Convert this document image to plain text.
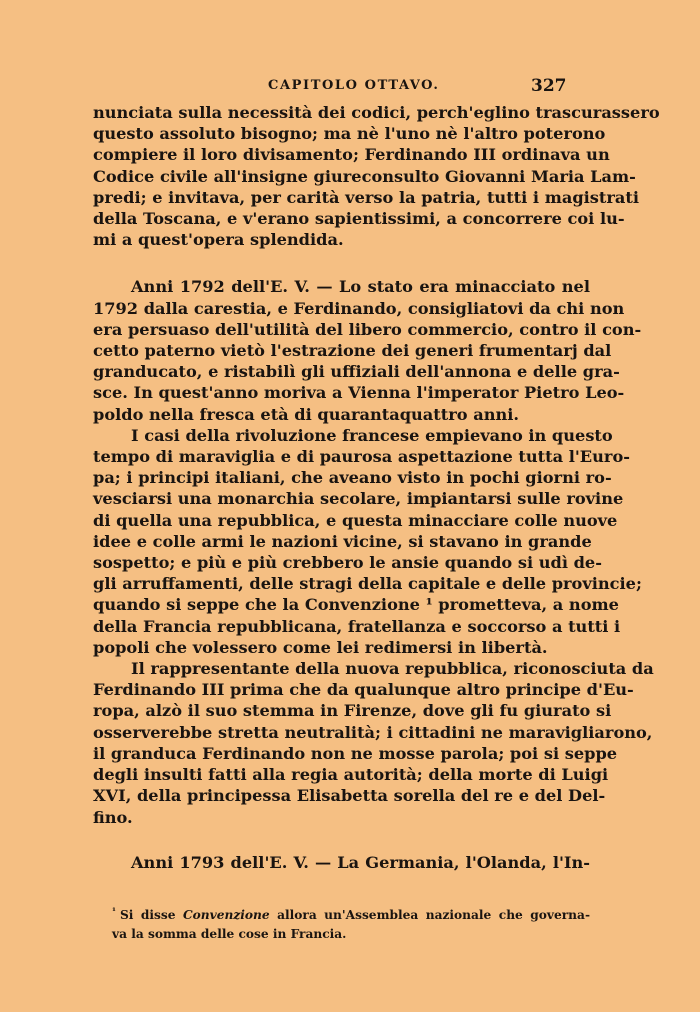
CAPITOLO OTTAVO.	327

nunciata sulla necessità dei codici, perch'eglino trascurassero
questo assoluto bisogno; ma nè l'uno nè l'altro poterono
compiere il loro divisamento; Ferdinando III ordinava un
Codice civile all'insigne giureconsulto Giovanni Maria Lam-
predi; e invitava, per carità verso la patria, tutti i magistrati
della Toscana, e v'erano sapientissimi, a concorrere coi lu-
mi a quest'opera splendida.

Anni 1792 dell'E. V. — Lo stato era minacciato nel
1792 dalla carestia, e Ferdinando, consigliatovi da chi non
era persuaso dell'utilità del libero commercio, contro il con-
cetto paterno vietò l'estrazione dei generi frumentarj dal
granducato, e ristabilì gli uffiziali dell'annona e delle gra-
sce. In quest'anno moriva a Vienna l'imperator Pietro Leo-
poldo nella fresca età di quarantaquattro anni.

I casi della rivoluzione francese empievano in questo
tempo di maraviglia e di paurosa aspettazione tutta l'Euro-
pa; i principi italiani, che aveano visto in pochi giorni ro-
vesciarsi una monarchia secolare, impiantarsi sulle rovine
di quella una repubblica, e questa minacciare colle nuove
idee e colle armi le nazioni vicine, si stavano in grande
sospetto; e più e più crebbero le ansie quando si udì de-
gli arruffamenti, delle stragi della capitale e delle provincie;
quando si seppe che la Convenzione ¹ prometteva, a nome
della Francia repubblicana, fratellanza e soccorso a tutti i
popoli che volessero come lei redimersi in libertà.

Il rappresentante della nuova repubblica, riconosciuta da
Ferdinando III prima che da qualunque altro principe d'Eu-
ropa, alzò il suo stemma in Firenze, dove gli fu giurato si
osserverebbe stretta neutralità; i cittadini ne maravigliarono,
il granduca Ferdinando non ne mosse parola; poi si seppe
degli insulti fatti alla regia autorità; della morte di Luigi
XVI, della principessa Elisabetta sorella del re e del Del-
fino.

Anni 1793 dell'E. V. — La Germania, l'Olanda, l'In-

$^{^1}$ Si disse Convenzione allora un'Assemblea nazionale che governa-
va la somma delle cose in Francia.
